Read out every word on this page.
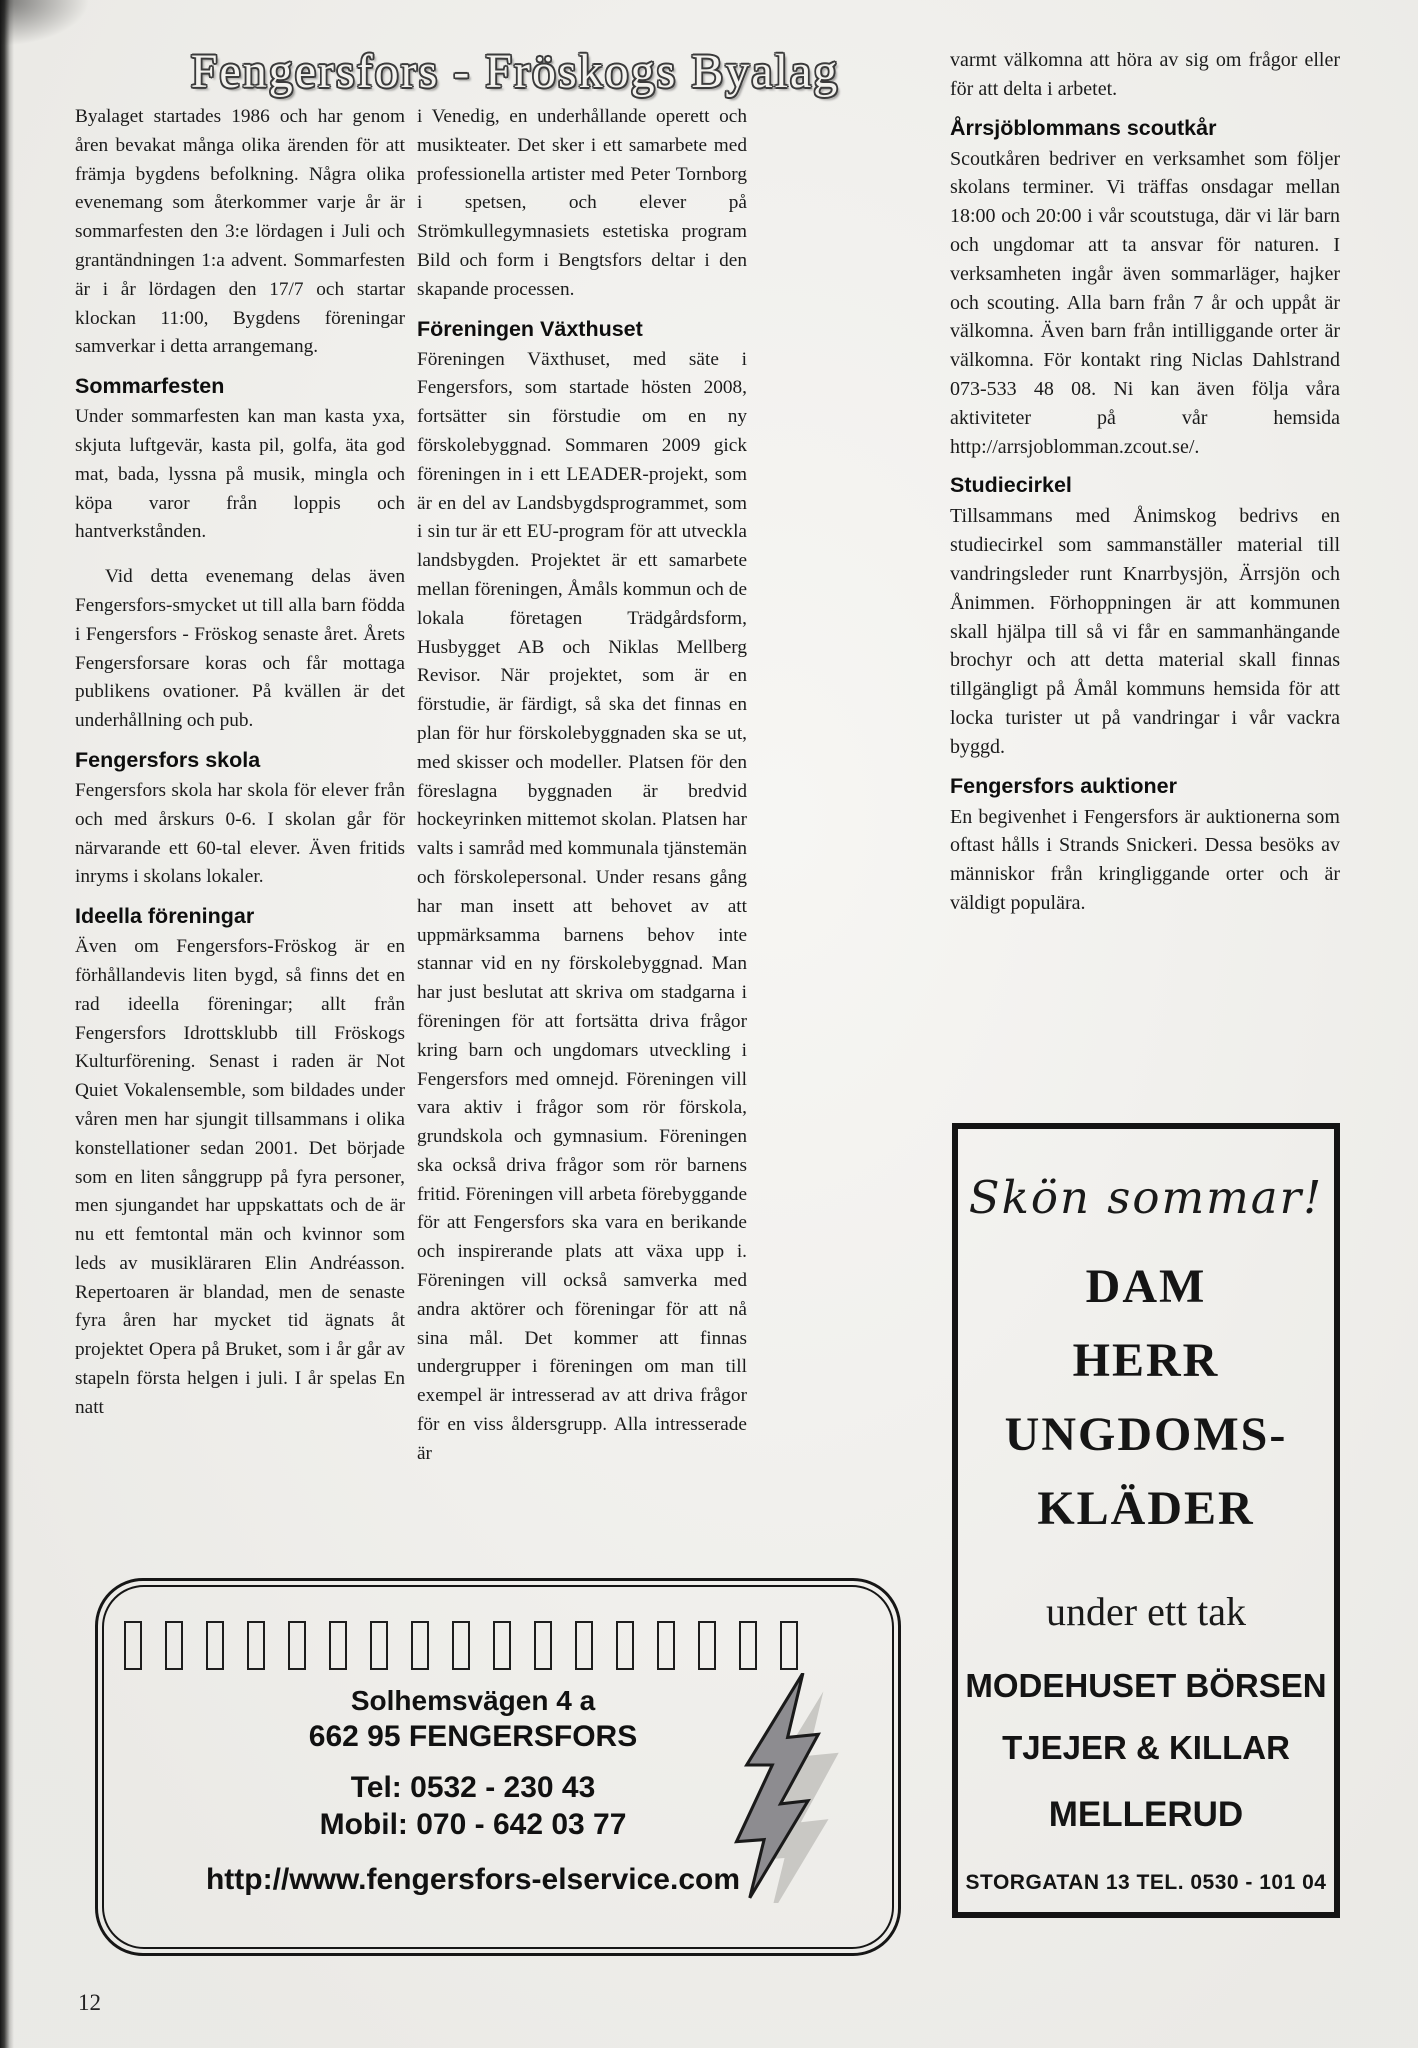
Fengersfors - Fröskogs Byalag
Byalaget startades 1986 och har genom åren bevakat många olika ärenden för att främja bygdens befolkning. Några olika evenemang som återkommer varje år är sommarfesten den 3:e lördagen i Juli och grantändningen 1:a advent. Sommarfesten är i år lördagen den 17/7 och startar klockan 11:00, Bygdens föreningar samverkar i detta arrangemang.
Sommarfesten
Under sommarfesten kan man kasta yxa, skjuta luftgevär, kasta pil, golfa, äta god mat, bada, lyssna på musik, mingla och köpa varor från loppis och hantverkstånden.
Vid detta evenemang delas även Fengersfors-smycket ut till alla barn födda i Fengersfors - Fröskog senaste året. Årets Fengersforsare koras och får mottaga publikens ovationer. På kvällen är det underhållning och pub.
Fengersfors skola
Fengersfors skola har skola för elever från och med årskurs 0-6. I skolan går för närvarande ett 60-tal elever. Även fritids inryms i skolans lokaler.
Ideella föreningar
Även om Fengersfors-Fröskog är en förhållandevis liten bygd, så finns det en rad ideella föreningar; allt från Fengersfors Idrottsklubb till Fröskogs Kulturförening. Senast i raden är Not Quiet Vokalensemble, som bildades under våren men har sjungit tillsammans i olika konstellationer sedan 2001. Det började som en liten sånggrupp på fyra personer, men sjungandet har uppskattats och de är nu ett femtontal män och kvinnor som leds av musikläraren Elin Andréasson. Repertoaren är blandad, men de senaste fyra åren har mycket tid ägnats åt projektet Opera på Bruket, som i år går av stapeln första helgen i juli. I år spelas En natt
i Venedig, en underhållande operett och musikteater. Det sker i ett samarbete med professionella artister med Peter Tornborg i spetsen, och elever på Strömkullegymnasiets estetiska program Bild och form i Bengtsfors deltar i den skapande processen.
Föreningen Växthuset
Föreningen Växthuset, med säte i Fengersfors, som startade hösten 2008, fortsätter sin förstudie om en ny förskolebyggnad. Sommaren 2009 gick föreningen in i ett LEADER-projekt, som är en del av Landsbygdsprogrammet, som i sin tur är ett EU-program för att utveckla landsbygden. Projektet är ett samarbete mellan föreningen, Åmåls kommun och de lokala företagen Trädgårdsform, Husbygget AB och Niklas Mellberg Revisor. När projektet, som är en förstudie, är färdigt, så ska det finnas en plan för hur förskolebyggnaden ska se ut, med skisser och modeller. Platsen för den föreslagna byggnaden är bredvid hockeyrinken mittemot skolan. Platsen har valts i samråd med kommunala tjänstemän och förskolepersonal. Under resans gång har man insett att behovet av att uppmärksamma barnens behov inte stannar vid en ny förskolebyggnad. Man har just beslutat att skriva om stadgarna i föreningen för att fortsätta driva frågor kring barn och ungdomars utveckling i Fengersfors med omnejd. Föreningen vill vara aktiv i frågor som rör förskola, grundskola och gymnasium. Föreningen ska också driva frågor som rör barnens fritid. Föreningen vill arbeta förebyggande för att Fengersfors ska vara en berikande och inspirerande plats att växa upp i. Föreningen vill också samverka med andra aktörer och föreningar för att nå sina mål. Det kommer att finnas undergrupper i föreningen om man till exempel är intresserad av att driva frågor för en viss åldersgrupp. Alla intresserade är
varmt välkomna att höra av sig om frågor eller för att delta i arbetet.
Årrsjöblommans scoutkår
Scoutkåren bedriver en verksamhet som följer skolans terminer. Vi träffas onsdagar mellan 18:00 och 20:00 i vår scoutstuga, där vi lär barn och ungdomar att ta ansvar för naturen. I verksamheten ingår även sommarläger, hajker och scouting. Alla barn från 7 år och uppåt är välkomna. Även barn från intilliggande orter är välkomna. För kontakt ring Niclas Dahlstrand 073-533 48 08. Ni kan även följa våra aktiviteter på vår hemsida http://arrsjoblomman.zcout.se/.
Studiecirkel
Tillsammans med Ånimskog bedrivs en studiecirkel som sammanställer material till vandringsleder runt Knarrbysjön, Ärrsjön och Ånimmen. Förhoppningen är att kommunen skall hjälpa till så vi får en sammanhängande brochyr och att detta material skall finnas tillgängligt på Åmål kommuns hemsida för att locka turister ut på vandringar i vår vackra byggd.
Fengersfors auktioner
En begivenhet i Fengersfors är auktionerna som oftast hålls i Strands Snickeri. Dessa besöks av människor från kringliggande orter och är väldigt populära.
Skön sommar!
DAM
HERR
UNGDOMS-
KLÄDER
under ett tak
MODEHUSET BÖRSEN
TJEJER & KILLAR
MELLERUD
STORGATAN 13 TEL. 0530 - 101 04
Solhemsvägen 4 a
662 95 FENGERSFORS
Tel: 0532 - 230 43
Mobil: 070 - 642 03 77
http://www.fengersfors-elservice.com
12
